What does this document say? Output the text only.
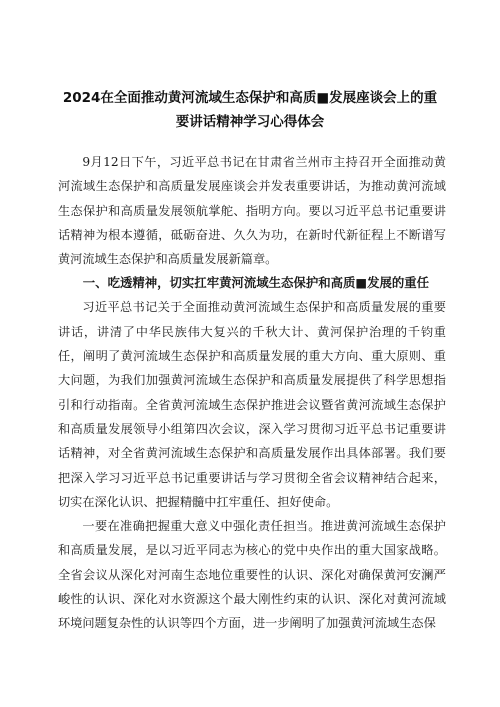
2024在全面推动黄河流域生态保护和高质■发展座谈会上的重要讲话精神学习心得体会

9月12日下午，习近平总书记在甘肃省兰州市主持召开全面推动黄河流域生态保护和高质量发展座谈会并发表重要讲话，为推动黄河流域生态保护和高质量发展领航掌舵、指明方向。要以习近平总书记重要讲话精神为根本遵循，砥砺奋进、久久为功，在新时代新征程上不断谱写黄河流域生态保护和高质量发展新篇章。

一、吃透精神，切实扛牢黄河流域生态保护和高质■发展的重任

习近平总书记关于全面推动黄河流域生态保护和高质量发展的重要讲话，讲清了中华民族伟大复兴的千秋大计、黄河保护治理的千钧重任，阐明了黄河流域生态保护和高质量发展的重大方向、重大原则、重大问题，为我们加强黄河流域生态保护和高质量发展提供了科学思想指引和行动指南。全省黄河流域生态保护推进会议暨省黄河流域生态保护和高质量发展领导小组第四次会议，深入学习贯彻习近平总书记重要讲话精神，对全省黄河流域生态保护和高质量发展作出具体部署。我们要把深入学习习近平总书记重要讲话与学习贯彻全省会议精神结合起来，切实在深化认识、把握精髓中扛牢重任、担好使命。

一要在准确把握重大意义中强化责任担当。推进黄河流域生态保护和高质量发展，是以习近平同志为核心的党中央作出的重大国家战略。全省会议从深化对河南生态地位重要性的认识、深化对确保黄河安澜严峻性的认识、深化对水资源这个最大刚性约束的认识、深化对黄河流域环境问题复杂性的认识等四个方面，进一步阐明了加强黄河流域生态保
